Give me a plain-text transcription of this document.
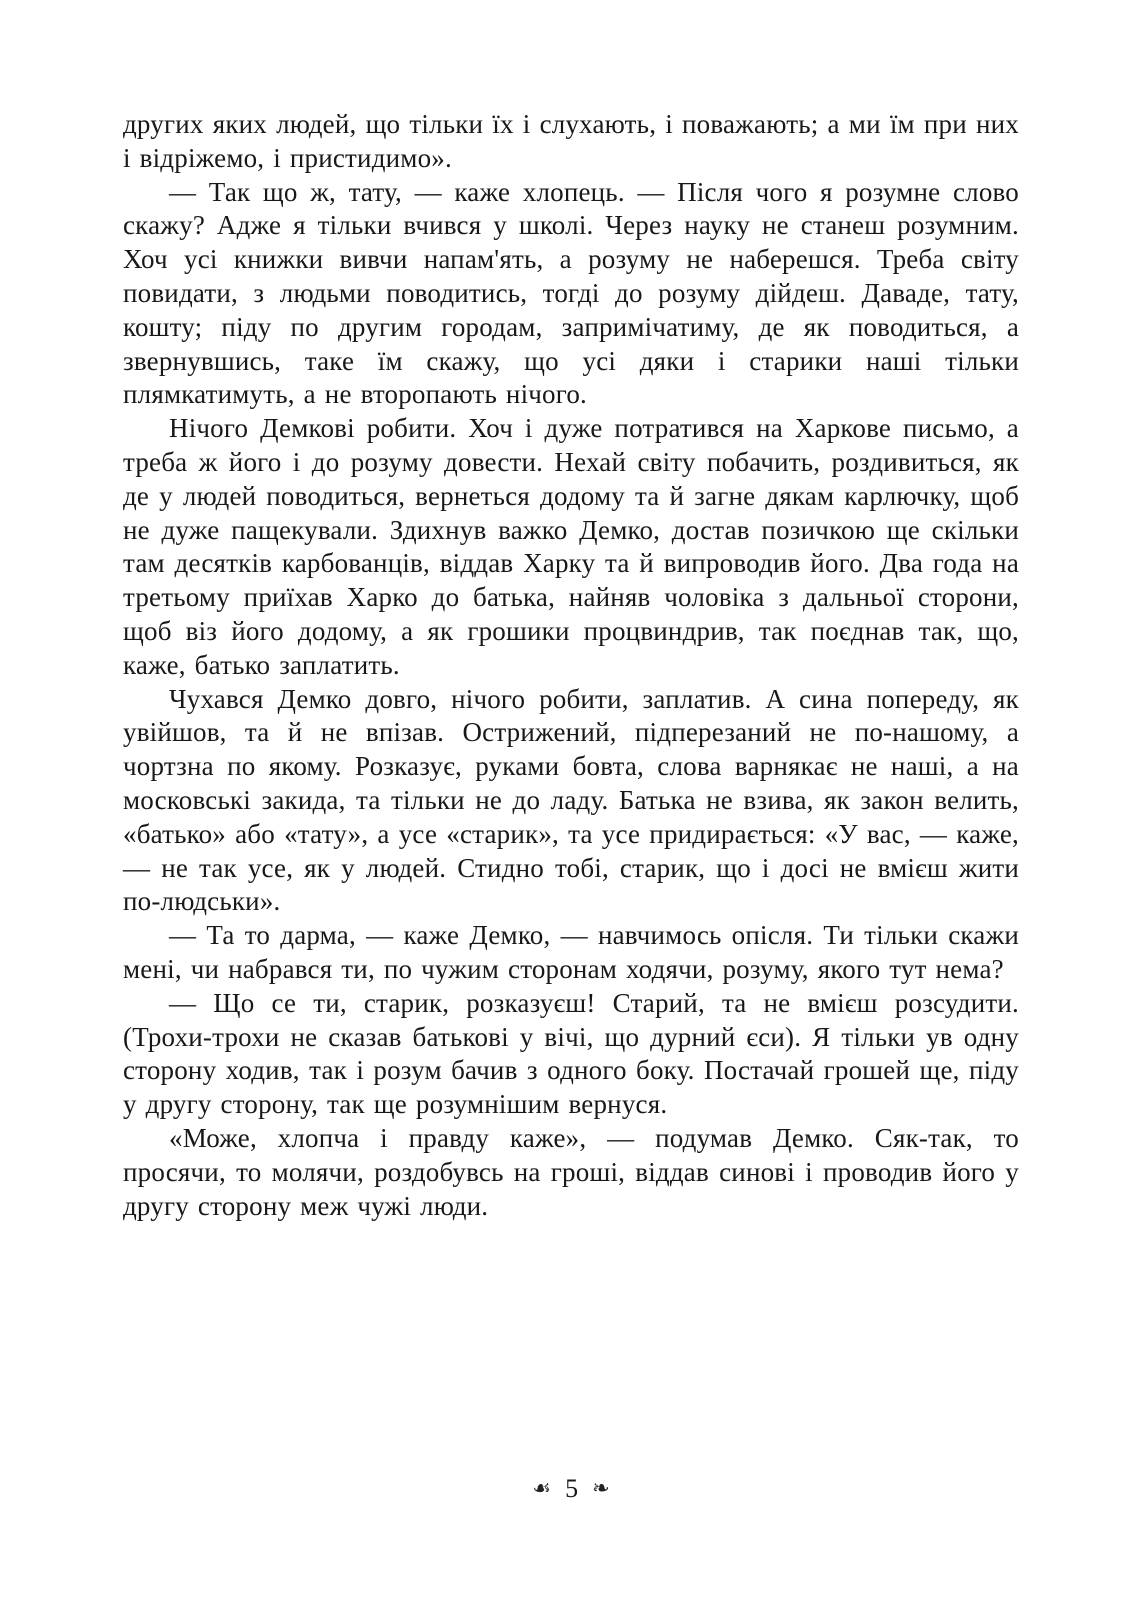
других яких людей, що тільки їх і слухають, і поважають; а ми їм при них і відріжемо, і пристидимо».

— Так що ж, тату, — каже хлопець. — Після чого я розумне слово скажу? Адже я тільки вчився у школі. Через науку не станеш розумним. Хоч усі книжки вивчи напам'ять, а розуму не наберешся. Треба світу повидати, з людьми поводитись, тогді до розуму дійдеш. Даваде, тату, кошту; піду по другим городам, запримічатиму, де як поводиться, а звернувшись, таке їм скажу, що усі дяки і старики наші тільки плямкатимуть, а не второпають нічого.

Нічого Демкові робити. Хоч і дуже потратився на Харкове письмо, а треба ж його і до розуму довести. Нехай світу побачить, роздивиться, як де у людей поводиться, вернеться додому та й загне дякам карлючку, щоб не дуже пащекували. Здихнув важко Демко, достав позичкою ще скільки там десятків карбованців, віддав Харку та й випроводив його. Два года на третьому приїхав Харко до батька, найняв чоловіка з дальньої сторони, щоб віз його додому, а як грошики процвиндрив, так поєднав так, що, каже, батько заплатить.

Чухався Демко довго, нічого робити, заплатив. А сина попереду, як увійшов, та й не впізав. Острижений, підперезаний не по-нашому, а чортзна по якому. Розказує, руками бовта, слова варнякає не наші, а на московські закида, та тільки не до ладу. Батька не взива, як закон велить, «батько» або «тату», а усе «старик», та усе придирається: «У вас, — каже, — не так усе, як у людей. Стидно тобі, старик, що і досі не вмієш жити по-людськи».

— Та то дарма, — каже Демко, — навчимось опісля. Ти тільки скажи мені, чи набрався ти, по чужим сторонам ходячи, розуму, якого тут нема?

— Що се ти, старик, розказуєш! Старий, та не вмієш розсудити. (Трохи-трохи не сказав батькові у вічі, що дурний єси). Я тільки ув одну сторону ходив, так і розум бачив з одного боку. Постачай грошей ще, піду у другу сторону, так ще розумнішим вернуся.

«Може, хлопча і правду каже», — подумав Демко. Сяк-так, то просячи, то молячи, роздобувсь на гроші, віддав синові і проводив його у другу сторону меж чужі люди.

☙ 5 ❧
